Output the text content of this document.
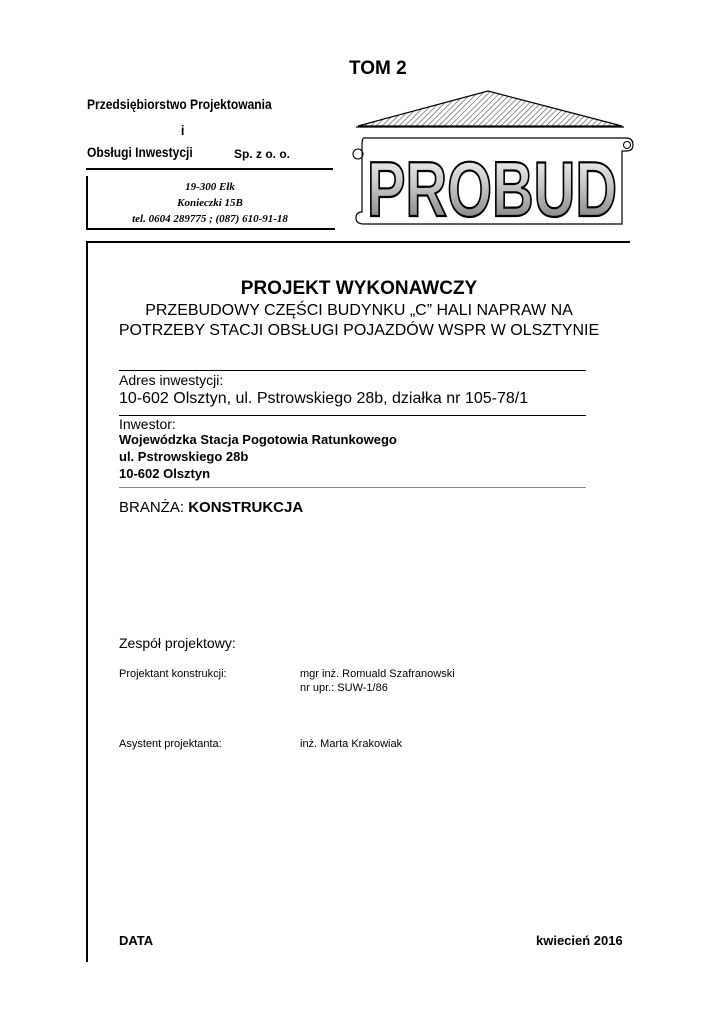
TOM 2
Przedsiębiorstwo Projektowania
i
Obsługi Inwestycji	Sp. z o. o.
19-300 Ełk
Konieczki 15B
tel. 0604 289775 ; (087) 610-91-18	PROBUD
PROJEKT WYKONAWCZY
PRZEBUDOWY CZĘŚCI BUDYNKU „C” HALI NAPRAW NA
POTRZEBY STACJI OBSŁUGI POJAZDÓW WSPR W OLSZTYNIE
Adres inwestycji:
10-602 Olsztyn, ul. Pstrowskiego 28b, działka nr 105-78/1
Inwestor:
Wojewódzka Stacja Pogotowia Ratunkowego
ul. Pstrowskiego 28b
10-602 Olsztyn
BRANŻA: KONSTRUKCJA
Zespół projektowy:
Projektant konstrukcji:	mgr inż. Romuald Szafranowski
nr upr.: SUW-1/86
Asystent projektanta:	inż. Marta Krakowiak
DATA	kwiecień 2016
